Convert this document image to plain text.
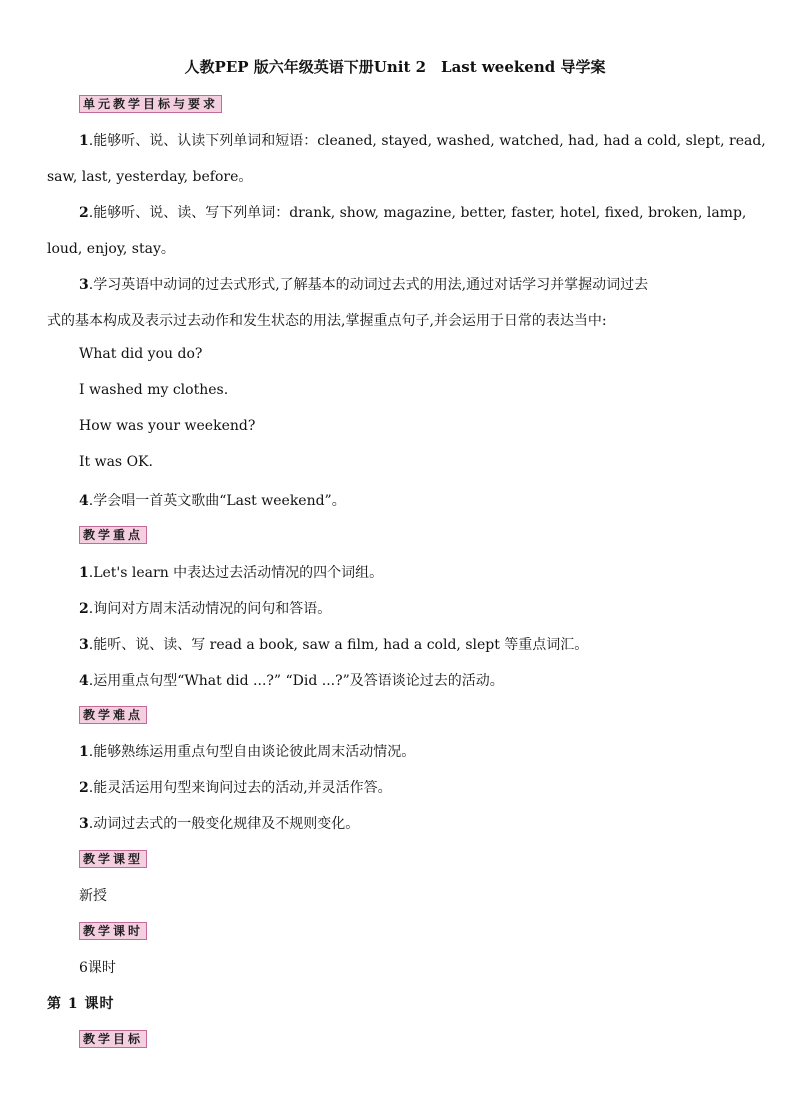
人教PEP 版六年级英语下册Unit 2　Last weekend 导学案
单元教学目标与要求
1.能够听、说、认读下列单词和短语：cleaned, stayed, washed, watched, had, had a cold, slept, read,
saw, last, yesterday, before。
2.能够听、说、读、写下列单词：drank, show, magazine, better, faster, hotel, fixed, broken, lamp,
loud, enjoy, stay。
3.学习英语中动词的过去式形式,了解基本的动词过去式的用法,通过对话学习并掌握动词过去
式的基本构成及表示过去动作和发生状态的用法,掌握重点句子,并会运用于日常的表达当中:
What did you do?
I washed my clothes.
How was your weekend?
It was OK.
4.学会唱一首英文歌曲“Last weekend”。
教学重点
1.Let's learn 中表达过去活动情况的四个词组。
2.询问对方周末活动情况的问句和答语。
3.能听、说、读、写 read a book, saw a film, had a cold, slept 等重点词汇。
4.运用重点句型“What did ...?” “Did ...?”及答语谈论过去的活动。
教学难点
1.能够熟练运用重点句型自由谈论彼此周末活动情况。
2.能灵活运用句型来询问过去的活动,并灵活作答。
3.动词过去式的一般变化规律及不规则变化。
教学课型
新授
教学课时
6课时
第 1 课时
教学目标
